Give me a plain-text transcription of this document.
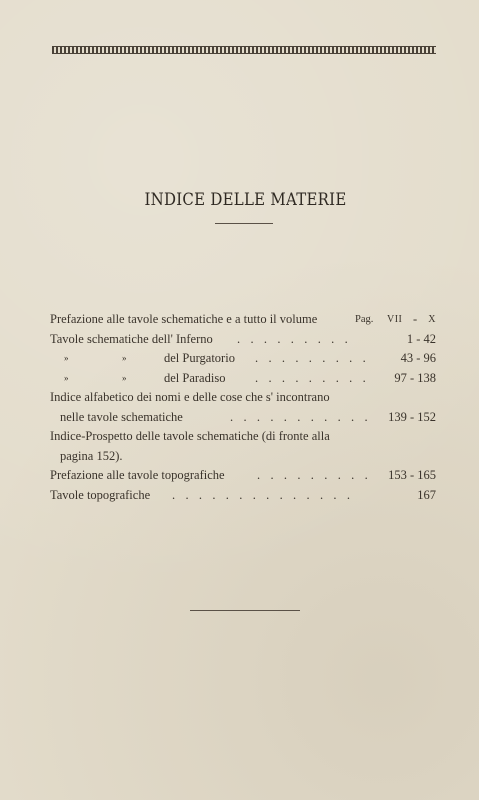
INDICE DELLE MATERIE
Prefazione alle tavole schematiche e a tutto il volume	Pag. VII - X
Tavole schematiche dell' Inferno . . . . . . . . .	1 - 42
»	»	del Purgatorio . . . . . . . . .	43 - 96
»	»	del Paradiso . . . . . . . . . 97 - 138
Indice alfabetico dei nomi e delle cose che s' incontrano
nelle tavole schematiche	. . . . . . . . . . . 139 - 152
Indice-Prospetto delle tavole schematiche (di fronte alla
pagina 152).
Prefazione alle tavole topografiche	. . . . . . . . . 153 - 165
Tavole topografiche . . . . . . . . . . . . . .	167
